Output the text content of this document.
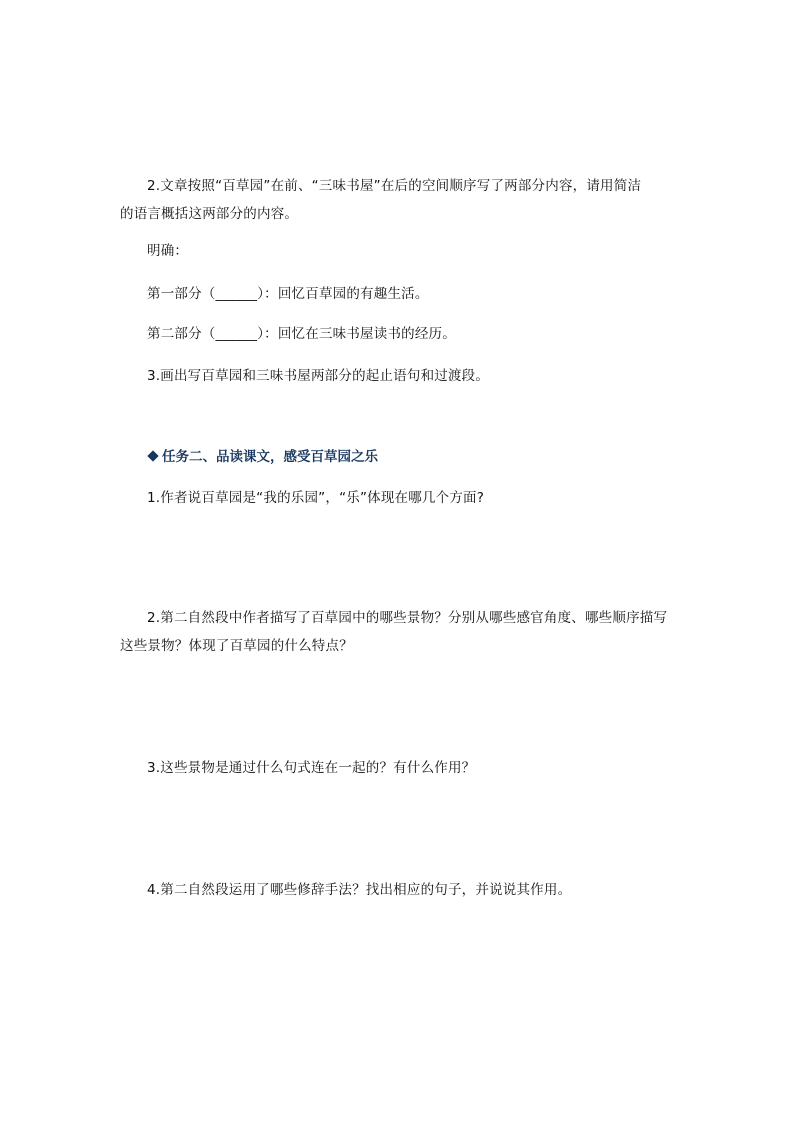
2.文章按照“百草园”在前、“三味书屋”在后的空间顺序写了两部分内容，请用简洁
的语言概括这两部分的内容。
明确：
第一部分（______）：回忆百草园的有趣生活。
第二部分（______）：回忆在三味书屋读书的经历。
3.画出写百草园和三味书屋两部分的起止语句和过渡段。
任务二、品读课文，感受百草园之乐
1.作者说百草园是“我的乐园”，“乐”体现在哪几个方面?
2.第二自然段中作者描写了百草园中的哪些景物？分别从哪些感官角度、哪些顺序描写
这些景物？体现了百草园的什么特点？
3.这些景物是通过什么句式连在一起的？有什么作用？
4.第二自然段运用了哪些修辞手法？找出相应的句子，并说说其作用。
